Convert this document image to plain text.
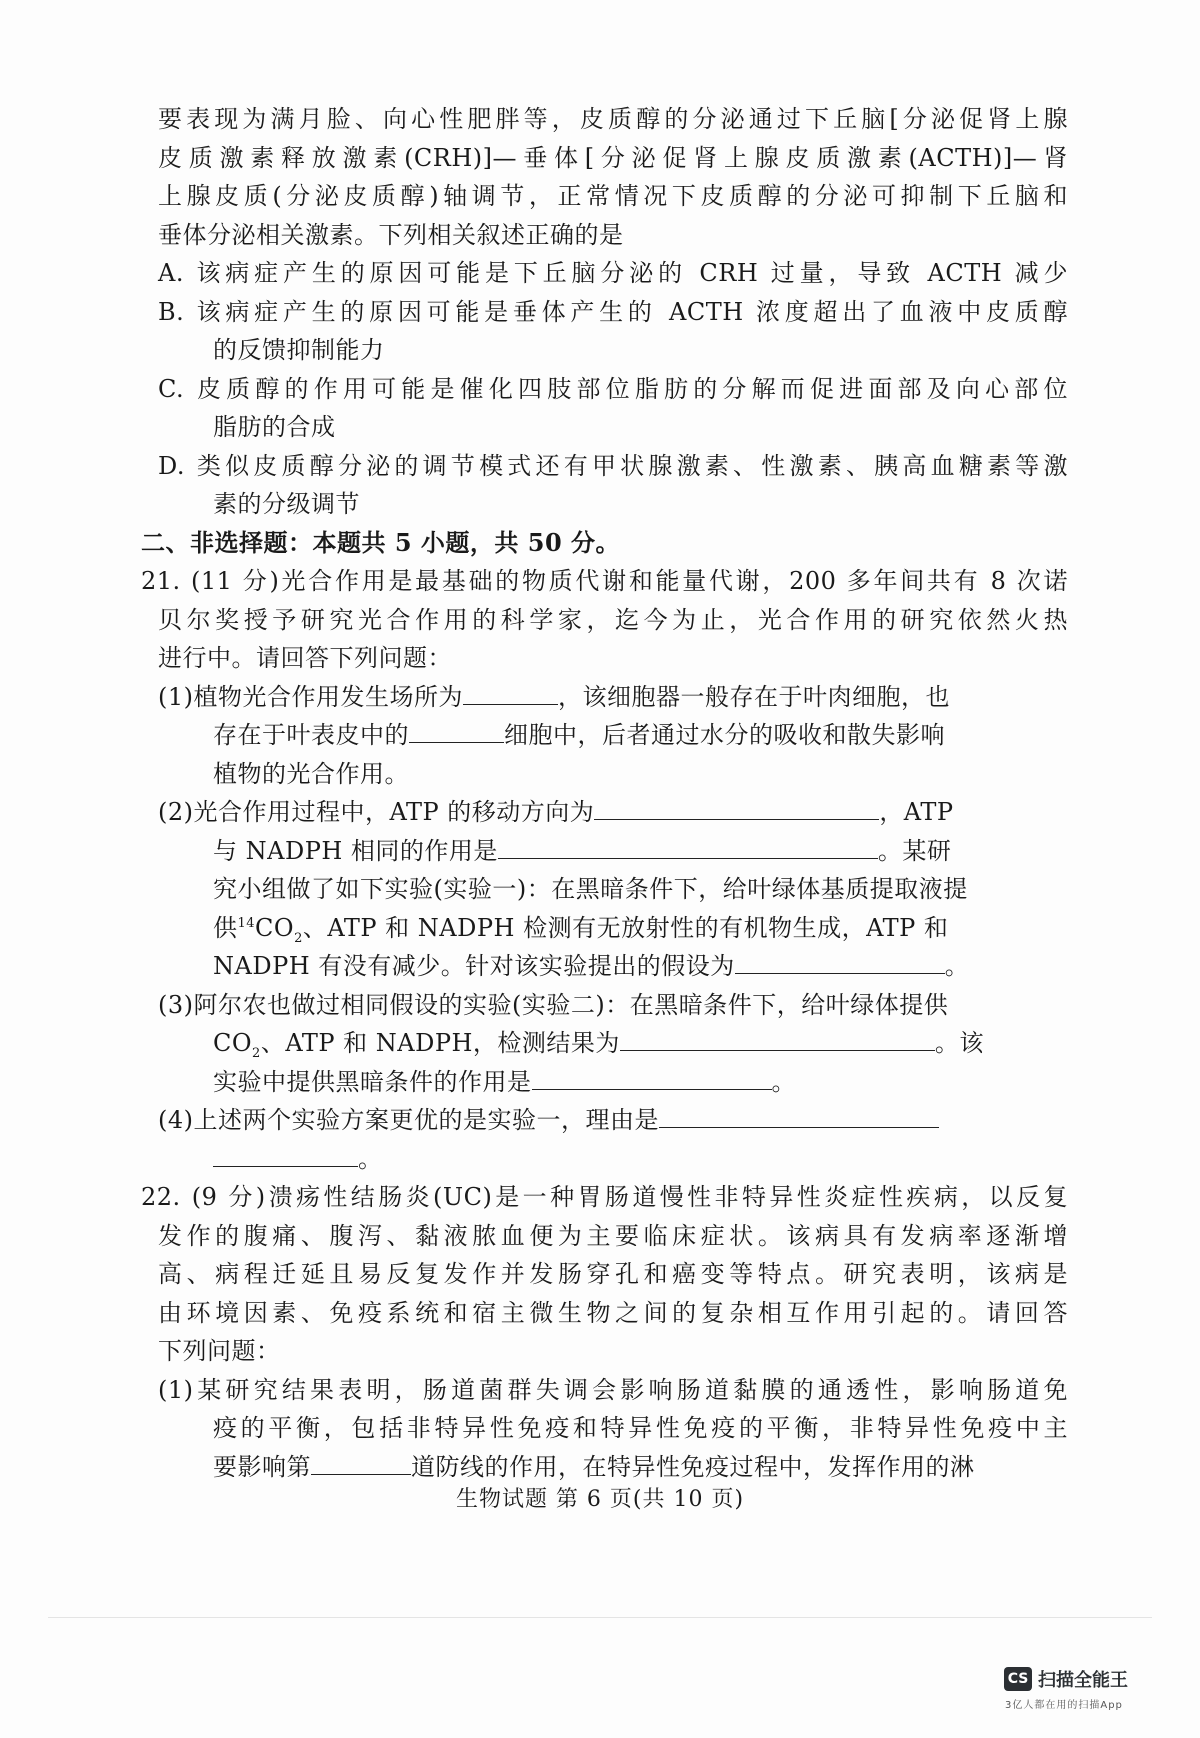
要表现为满月脸、向心性肥胖等，皮质醇的分泌通过下丘脑[分泌促肾上腺
皮质激素释放激素(CRH)]—垂体[分泌促肾上腺皮质激素(ACTH)]—肾
上腺皮质(分泌皮质醇)轴调节，正常情况下皮质醇的分泌可抑制下丘脑和
垂体分泌相关激素。下列相关叙述正确的是
A. 该病症产生的原因可能是下丘脑分泌的 CRH 过量，导致 ACTH 减少
B. 该病症产生的原因可能是垂体产生的 ACTH 浓度超出了血液中皮质醇
的反馈抑制能力
C. 皮质醇的作用可能是催化四肢部位脂肪的分解而促进面部及向心部位
脂肪的合成
D. 类似皮质醇分泌的调节模式还有甲状腺激素、性激素、胰高血糖素等激
素的分级调节
二、非选择题：本题共 5 小题，共 50 分。
21. (11 分)光合作用是最基础的物质代谢和能量代谢，200 多年间共有 8 次诺
贝尔奖授予研究光合作用的科学家，迄今为止，光合作用的研究依然火热
进行中。请回答下列问题：
(1)植物光合作用发生场所为	，该细胞器一般存在于叶肉细胞，也
存在于叶表皮中的	细胞中，后者通过水分的吸收和散失影响
植物的光合作用。
(2)光合作用过程中，ATP 的移动方向为	，ATP
与 NADPH 相同的作用是	。某研
究小组做了如下实验(实验一)：在黑暗条件下，给叶绿体基质提取液提
供$^{14}CO_2$、ATP 和 NADPH 检测有无放射性的有机物生成，ATP 和
NADPH 有没有减少。针对该实验提出的假设为	。
(3)阿尔农也做过相同假设的实验(实验二)：在黑暗条件下，给叶绿体提供
$CO_2$、ATP 和 NADPH，检测结果为	。该
实验中提供黑暗条件的作用是	。
(4)上述两个实验方案更优的是实验一，理由是
。
22. (9 分)溃疡性结肠炎(UC)是一种胃肠道慢性非特异性炎症性疾病，以反复
发作的腹痛、腹泻、黏液脓血便为主要临床症状。该病具有发病率逐渐增
高、病程迁延且易反复发作并发肠穿孔和癌变等特点。研究表明，该病是
由环境因素、免疫系统和宿主微生物之间的复杂相互作用引起的。请回答
下列问题：
(1)某研究结果表明，肠道菌群失调会影响肠道黏膜的通透性，影响肠道免
疫的平衡，包括非特异性免疫和特异性免疫的平衡，非特异性免疫中主
要影响第	道防线的作用，在特异性免疫过程中，发挥作用的淋
生物试题 第 6 页(共 10 页)
CS 扫描全能王
3亿人都在用的扫描App
